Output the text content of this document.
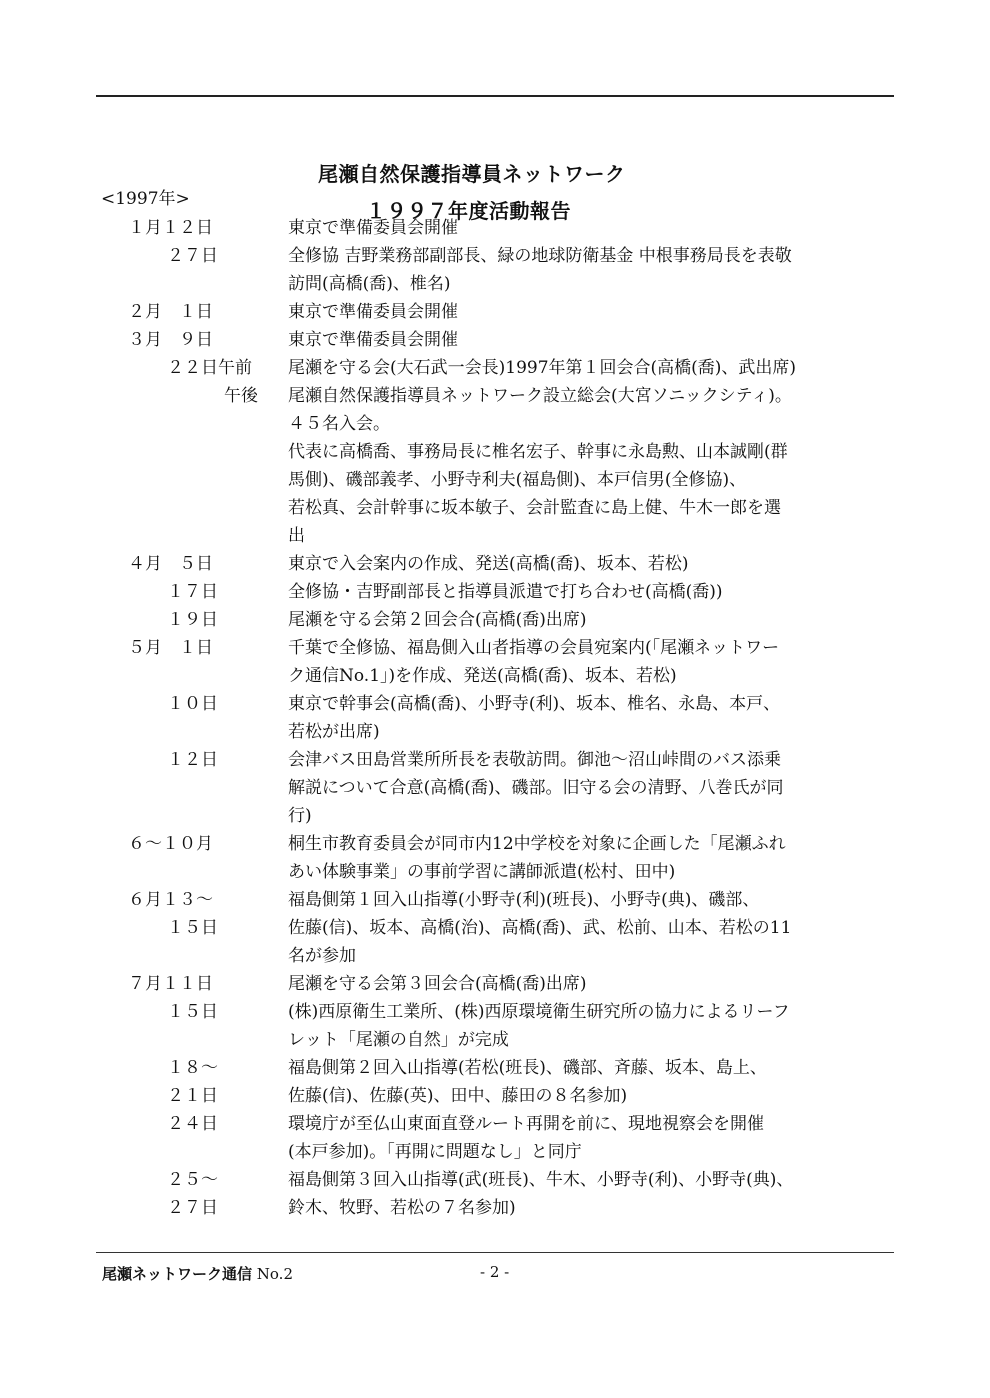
尾瀬自然保護指導員ネットワーク
<1997年>	１９９７年度活動報告
１月１２日	東京で準備委員会開催
２７日	全修協 吉野業務部副部長、緑の地球防衛基金 中根事務局長を表敬
訪問(高橋(喬)、椎名)
２月　１日	東京で準備委員会開催
３月　９日	東京で準備委員会開催
２２日午前 尾瀬を守る会(大石武一会長)1997年第１回会合(高橋(喬)、武出席)
午後 尾瀬自然保護指導員ネットワーク設立総会(大宮ソニックシティ)。
４５名入会。
代表に高橋喬、事務局長に椎名宏子、幹事に永島勲、山本誠剛(群
馬側)、磯部義孝、小野寺利夫(福島側)、本戸信男(全修協)、
若松真、会計幹事に坂本敏子、会計監査に島上健、牛木一郎を選
出
４月　５日	東京で入会案内の作成、発送(高橋(喬)、坂本、若松)
１７日	全修協・吉野副部長と指導員派遣で打ち合わせ(高橋(喬))
１９日	尾瀬を守る会第２回会合(高橋(喬)出席)
５月　１日	千葉で全修協、福島側入山者指導の会員宛案内(「尾瀬ネットワー
ク通信No.1」)を作成、発送(高橋(喬)、坂本、若松)
１０日	東京で幹事会(高橋(喬)、小野寺(利)、坂本、椎名、永島、本戸、
若松が出席)
１２日	会津バス田島営業所所長を表敬訪問。御池～沼山峠間のバス添乗
解説について合意(高橋(喬)、磯部。旧守る会の清野、八巻氏が同
行)
６～１０月	桐生市教育委員会が同市内12中学校を対象に企画した「尾瀬ふれ
あい体験事業」の事前学習に講師派遣(松村、田中)
６月１３～	福島側第１回入山指導(小野寺(利)(班長)、小野寺(典)、磯部、
１５日	佐藤(信)、坂本、高橋(治)、高橋(喬)、武、松前、山本、若松の11
名が参加
７月１１日	尾瀬を守る会第３回会合(高橋(喬)出席)
１５日	(株)西原衛生工業所、(株)西原環境衛生研究所の協力によるリーフ
レット「尾瀬の自然」が完成
１８～	福島側第２回入山指導(若松(班長)、磯部、斉藤、坂本、島上、
２１日	佐藤(信)、佐藤(英)、田中、藤田の８名参加)
２４日	環境庁が至仏山東面直登ルート再開を前に、現地視察会を開催
(本戸参加)。「再開に問題なし」と同庁
２５～	福島側第３回入山指導(武(班長)、牛木、小野寺(利)、小野寺(典)、
２７日	鈴木、牧野、若松の７名参加)
尾瀬ネットワーク通信 No.2	- 2 -
